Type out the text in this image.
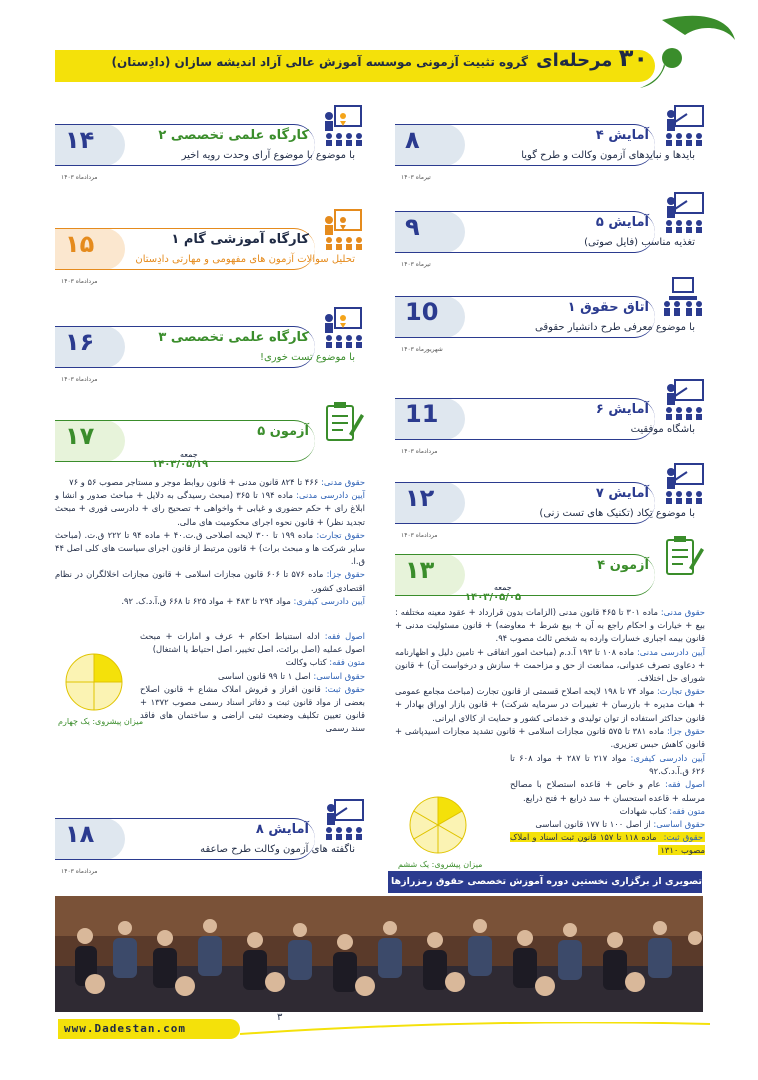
گروه تثبیت آزمونی موسسه آموزش عالی آزاد اندیشه سازان (دادِستان)	۳۰ مرحله‌ای
۸	آمایش ۴
بایدها و نبایدهای آزمون وکالت و طرح گویا
تیرماه ۱۴۰۳
۹	آمایش ۵
تغذیه مناسب (فایل صوتی)
تیرماه ۱۴۰۳
10	اتاق حقوق ۱
با موضوع معرفی طرح دانشیار حقوقی
شهریورماه ۱۴۰۳
11	آمایش ۶
باشگاه موفقیت
مردادماه ۱۴۰۳
۱۲	آمایش ۷
با موضوع تِکاد (تکنیک های تست زنی)
مردادماه ۱۴۰۳
۱۳	آزمون ۴
جمعه
۱۴۰۳/۰۵/۰۵
حقوق مدنی: ماده ۳۰۱ تا ۴۶۵ قانون مدنی (الزامات بدون قرارداد + عقود معینه مختلفه : بیع + خیارات و احکام راجع به آن + بیع شرط + معاوضه) + قانون مسئولیت مدنی + قانون بیمه اجباری خسارات وارده به شخص ثالث مصوب ۹۴.
آیین دادرسی مدنی: ماده ۱۰۸ تا ۱۹۳ آ.د.م (مباحث امور اتفاقی + تامین دلیل و اظهارنامه + دعاوی تصرف عدوانی، ممانعت از حق و مزاحمت + سازش و درخواست آن) + قانون شورای حل اختلاف.
حقوق تجارت: مواد ۷۴ تا ۱۹۸ لایحه اصلاح قسمتی از قانون تجارت (مباحث مجامع عمومی + هیات مدیره + بازرسان + تغییرات در سرمایه شرکت) + قانون بازار اوراق بهادار + قانون حداکثر استفاده از توان تولیدی و خدماتی کشور و حمایت از کالای ایرانی.
حقوق جزا: ماده ۳۸۱ تا ۵۷۵ قانون مجازات اسلامی + قانون تشدید مجازات اسیدپاشی + قانون کاهش حبس تعزیری.
آیین دادرسی کیفری: مواد ۲۱۷ تا ۲۸۷ + مواد ۶۰۸ تا ۶۲۶ ق.آ.د.ک.۹۲
اصول فقه: عام و خاص + قاعده استصلاح با مصالح مرسله + قاعده استحسان + سد ذرایع + فتح ذرایع.
متون فقه: کتاب شهادات
حقوق اساسی: از اصل ۱۰۰ تا ۱۷۷ قانون اساسی
حقوق ثبت: ماده ۱۱۸ تا ۱۵۷ قانون ثبت اسناد و املاک مصوب ۱۳۱۰
میزان پیشروی: یک ششم
۱۴	کارگاه علمی تخصصی ۲
با موضوع با موضوع آرای وحدت رویه اخیر
مردادماه ۱۴۰۳
۱۵	کارگاه آموزشی گام ۱
تحلیل سوالات آزمون های مفهومی و مهارتی دادِستان
مردادماه ۱۴۰۳
۱۶	کارگاه علمی تخصصی ۳
با موضوع تست خوری!
مردادماه ۱۴۰۳
۱۷	آزمون ۵
جمعه
۱۴۰۳/۰۵/۱۹
حقوق مدنی: ۴۶۶ تا ۸۲۴ قانون مدنی + قانون روابط موجر و مستاجر مصوب ۵۶ و ۷۶
آیین دادرسی مدنی: ماده ۱۹۴ تا ۳۶۵ (مبحث رسیدگی به دلایل + مباحث صدور و انشا و ابلاغ رای + حکم حضوری و غیابی + واخواهی + تصحیح رای + دادرسی فوری + مبحث تجدید نظر) + قانون نحوه اجرای محکومیت های مالی.
حقوق تجارت: ماده ۱۹۹ تا ۳۰۰ لایحه اصلاحی ق.ت.۴۰ + ماده ۹۴ تا ۲۲۲ ق.ت. (مباحث سایر شرکت ها و مبحث برات) + قانون مرتبط از قانون اجرای سیاست های کلی اصل ۴۴ ق.ا.
حقوق جزا: ماده ۵۷۶ تا ۶۰۶ قانون مجازات اسلامی + قانون مجازات اخلالگران در نظام اقتصادی کشور.
آیین دادرسی کیفری: مواد ۲۹۴ تا ۴۸۳ + مواد ۶۲۵ تا ۶۶۸ ق.آ.د.ک. ۹۲.
اصول فقه: ادله استنباط احکام + عرف و امارات + مبحث اصول عملیه (اصل برائت، اصل تخییر، اصل احتیاط یا اشتغال)
متون فقه: کتاب وکالت
حقوق اساسی: اصل ۱ تا ۹۹ قانون اساسی
حقوق ثبت: قانون افراز و فروش املاک مشاع + قانون اصلاح بعضی از مواد قانون ثبت و دفاتر اسناد رسمی مصوب ۱۳۷۲ + قانون تعیین تکلیف وضعیت ثبتی اراضی و ساختمان های فاقد سند رسمی
میزان پیشروی: یک چهارم
۱۸	آمایش ۸
ناگفته های آزمون وکالت طرح صاعقه
مردادماه ۱۴۰۳
تصویری از برگزاری نخستین دوره آموزش تخصصی حقوق رمزرازها در ایران
www.Dadestan.com
۳
